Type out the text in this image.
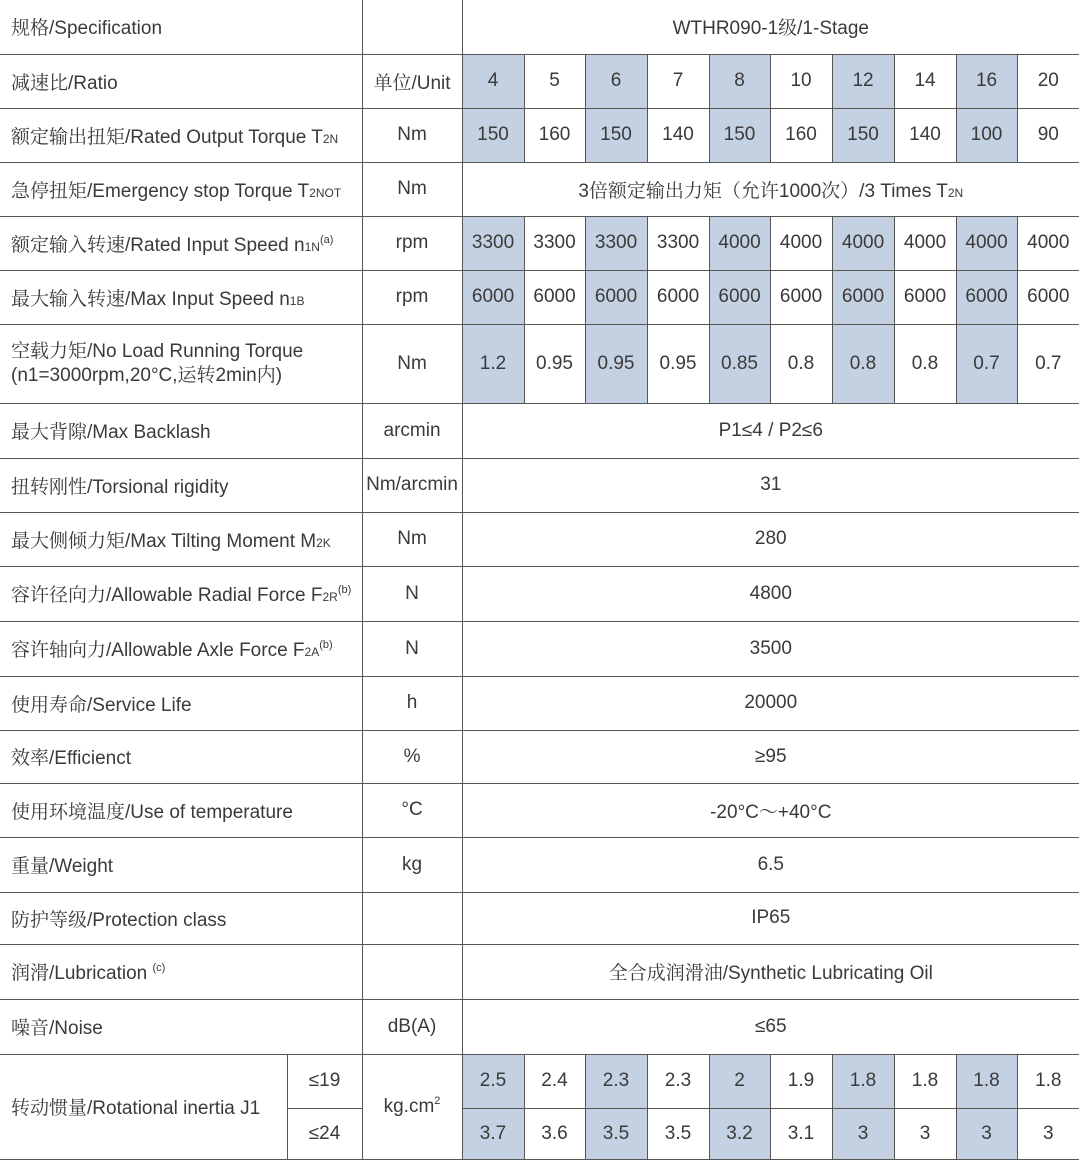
规格/Specification			WTHR090-1级/1-Stage									
减速比/Ratio		单位/Unit	4	5	6	7	8	10	12	14	16	20
额定输出扭矩/Rated Output Torque T2N		Nm	150	160	150	140	150	160	150	140	100	90
急停扭矩/Emergency stop Torque T2NOT		Nm	3倍额定输出力矩（允许1000次）/3 Times T2N									
额定输入转速/Rated Input Speed $n1N^{(a)}$		rpm	3300	3300	3300	3300	4000	4000	4000	4000	4000	4000
最大输入转速/Max Input Speed n1B		rpm	6000	6000	6000	6000	6000	6000	6000	6000	6000	6000
空载力矩/No Load Running Torque
(n1=3000rpm,20°C,运转2min内)		Nm	1.2	0.95	0.95	0.95	0.85	0.8	0.8	0.8	0.7	0.7
最大背隙/Max Backlash		arcmin	P1≤4 / P2≤6									
扭转刚性/Torsional rigidity		Nm/arcmin	31									
最大侧倾力矩/Max Tilting Moment M2K		Nm	280									
容许径向力/Allowable Radial Force $F2R^{(b)}$		N	4800									
容许轴向力/Allowable Axle Force $F2A^{(b)}$		N	3500									
使用寿命/Service Life		h	20000									
效率/Efficienct		%	≥95									
使用环境温度/Use of temperature		°C	-20°C～+40°C									
重量/Weight		kg	6.5									
防护等级/Protection class			IP65									
润滑/Lubrication $^{(c)}$			全合成润滑油/Synthetic Lubricating Oil									
噪音/Noise		dB(A)	≤65									
转动惯量/Rotational inertia J1	≤19	$kg.cm^2$	2.5	2.4	2.3	2.3	2	1.9	1.8	1.8	1.8	1.8
	≤24		3.7	3.6	3.5	3.5	3.2	3.1	3	3	3	3
